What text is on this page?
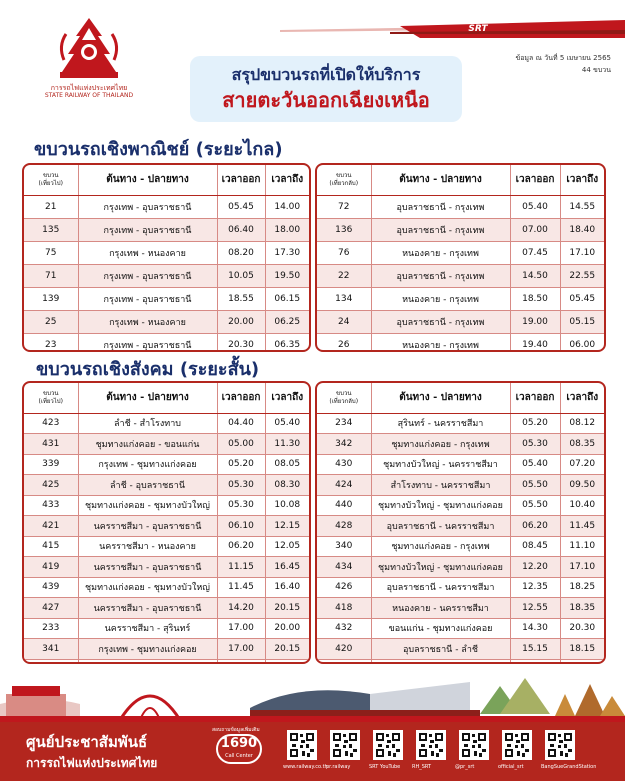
การรถไฟแห่งประเทศไทย
STATE RAILWAY OF THAILAND
SRT
สรุปขบวนรถที่เปิดให้บริการ
สายตะวันออกเฉียงเหนือ
ข้อมูล ณ วันที่ 5 เมษายน 2565
44 ขบวน
ขบวนรถเชิงพาณิชย์ (ระยะไกล)
ขบวนรถเชิงสังคม (ระยะสั้น)
ขบวน
(เที่ยวไป)	ต้นทาง - ปลายทาง	เวลาออก	เวลาถึง
21	กรุงเทพ - อุบลราชธานี	05.45	14.00
135	กรุงเทพ - อุบลราชธานี	06.40	18.00
75	กรุงเทพ - หนองคาย	08.20	17.30
71	กรุงเทพ - อุบลราชธานี	10.05	19.50
139	กรุงเทพ - อุบลราชธานี	18.55	06.15
25	กรุงเทพ - หนองคาย	20.00	06.25
23	กรุงเทพ - อุบลราชธานี	20.30	06.35

ขบวน
(เที่ยวกลับ)	ต้นทาง - ปลายทาง	เวลาออก	เวลาถึง
72	อุบลราชธานี - กรุงเทพ	05.40	14.55
136	อุบลราชธานี - กรุงเทพ	07.00	18.40
76	หนองคาย - กรุงเทพ	07.45	17.10
22	อุบลราชธานี - กรุงเทพ	14.50	22.55
134	หนองคาย - กรุงเทพ	18.50	05.45
24	อุบลราชธานี - กรุงเทพ	19.00	05.15
26	หนองคาย - กรุงเทพ	19.40	06.00

ขบวน
(เที่ยวไป)	ต้นทาง - ปลายทาง	เวลาออก	เวลาถึง
423	ลำชี - สำโรงทาบ	04.40	05.40
431	ชุมทางแก่งคอย - ขอนแก่น	05.00	11.30
339	กรุงเทพ - ชุมทางแก่งคอย	05.20	08.05
425	ลำชี - อุบลราชธานี	05.30	08.30
433	ชุมทางแก่งคอย - ชุมทางบัวใหญ่	05.30	10.08
421	นครราชสีมา - อุบลราชธานี	06.10	12.15
415	นครราชสีมา - หนองคาย	06.20	12.05
419	นครราชสีมา - อุบลราชธานี	11.15	16.45
439	ชุมทางแก่งคอย - ชุมทางบัวใหญ่	11.45	16.40
427	นครราชสีมา - อุบลราชธานี	14.20	20.15
233	นครราชสีมา - สุรินทร์	17.00	20.00
341	กรุงเทพ - ชุมทางแก่งคอย	17.00	20.15

ขบวน
(เที่ยวกลับ)	ต้นทาง - ปลายทาง	เวลาออก	เวลาถึง
234	สุรินทร์ - นครราชสีมา	05.20	08.12
342	ชุมทางแก่งคอย - กรุงเทพ	05.30	08.35
430	ชุมทางบัวใหญ่ - นครราชสีมา	05.40	07.20
424	สำโรงทาบ - นครราชสีมา	05.50	09.50
440	ชุมทางบัวใหญ่ - ชุมทางแก่งคอย	05.50	10.40
428	อุบลราชธานี - นครราชสีมา	06.20	11.45
340	ชุมทางแก่งคอย - กรุงเทพ	08.45	11.10
434	ชุมทางบัวใหญ่ - ชุมทางแก่งคอย	12.20	17.10
426	อุบลราชธานี - นครราชสีมา	12.35	18.25
418	หนองคาย - นครราชสีมา	12.55	18.35
432	ขอนแก่น - ชุมทางแก่งคอย	14.30	20.30
420	อุบลราชธานี - ลำชี	15.15	18.15

ศูนย์ประชาสัมพันธ์
การรถไฟแห่งประเทศไทย
สอบถามข้อมูลเพิ่มเติม
1690
Call Center
www.railway.co.th
pr.railway	SRT YouTube RH_SRT	@pr_srt	official_srt	BangSueGrandStation
